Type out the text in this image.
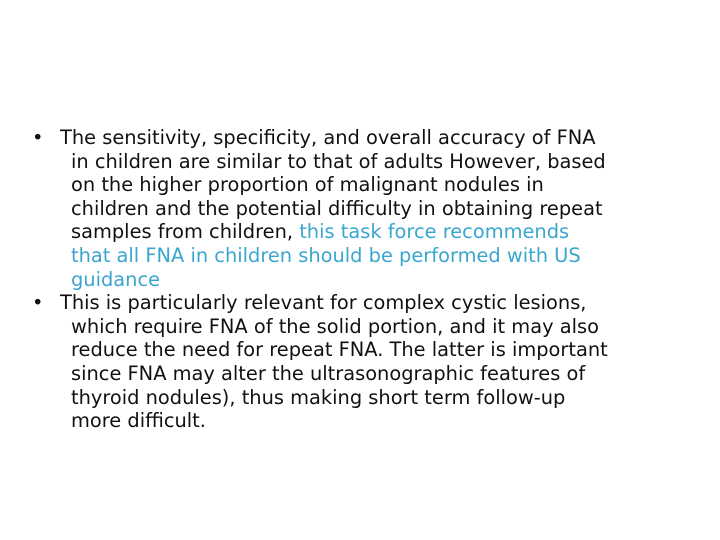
• The sensitivity, specificity, and overall accuracy of FNA
in children are similar to that of adults However, based
on the higher proportion of malignant nodules in
children and the potential difficulty in obtaining repeat
samples from children, this task force recommends
that all FNA in children should be performed with US
guidance
• This is particularly relevant for complex cystic lesions,
which require FNA of the solid portion, and it may also
reduce the need for repeat FNA. The latter is important
since FNA may alter the ultrasonographic features of
thyroid nodules), thus making short term follow-up
more difficult.
